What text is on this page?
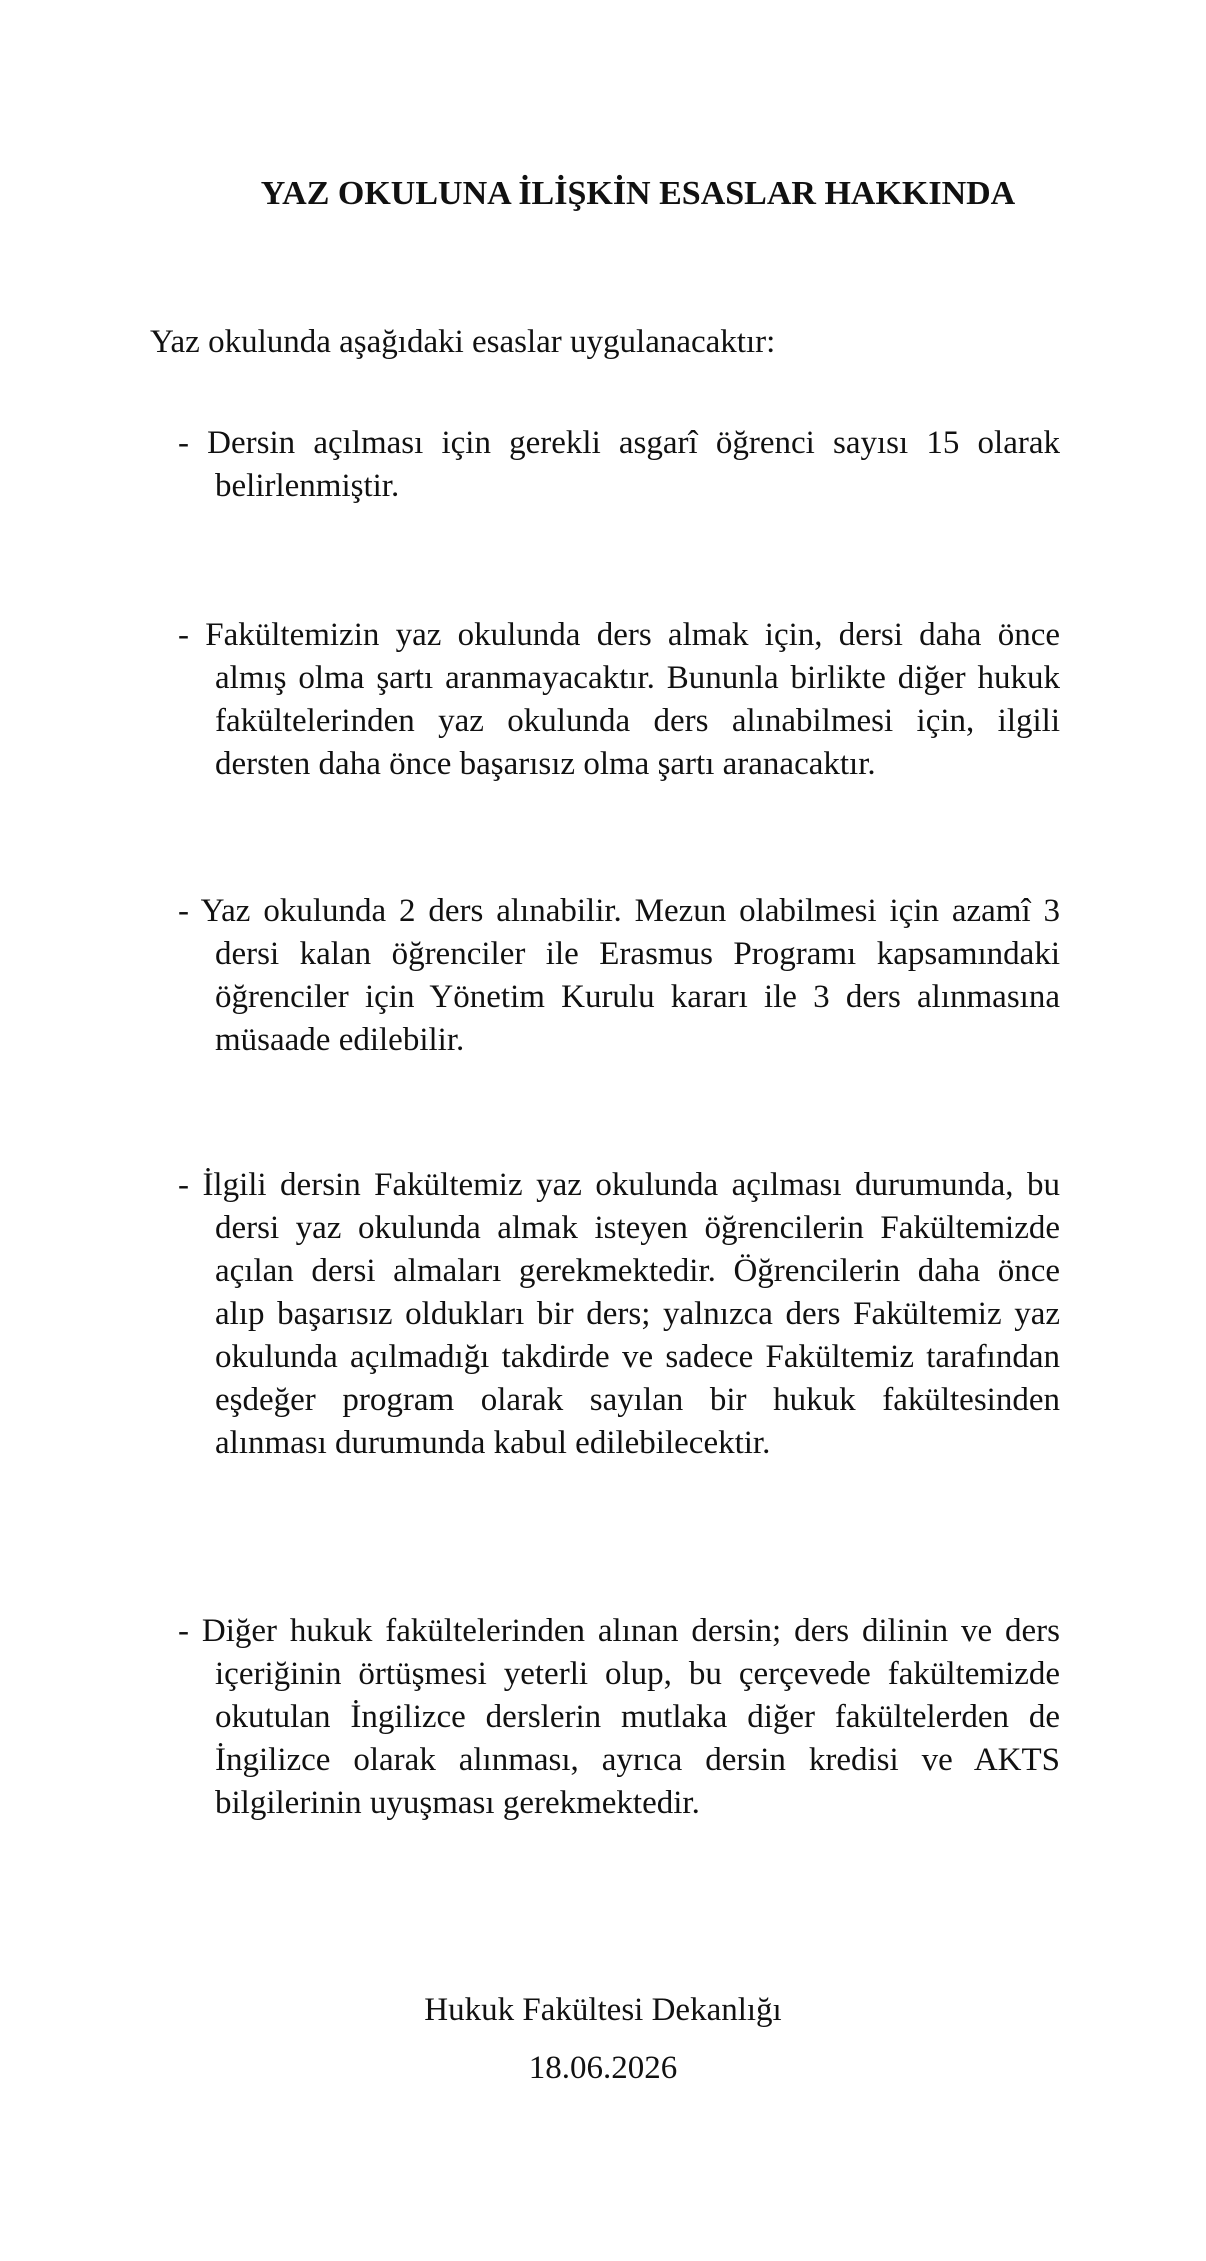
YAZ OKULUNA İLİŞKİN ESASLAR HAKKINDA

Yaz okulunda aşağıdaki esaslar uygulanacaktır:

- Dersin açılması için gerekli asgarî öğrenci sayısı 15 olarak belirlenmiştir.

- Fakültemizin yaz okulunda ders almak için, dersi daha önce almış olma şartı aranmayacaktır. Bununla birlikte diğer hukuk fakültelerinden yaz okulunda ders alınabilmesi için, ilgili dersten daha önce başarısız olma şartı aranacaktır.

- Yaz okulunda 2 ders alınabilir. Mezun olabilmesi için azamî 3 dersi kalan öğrenciler ile Erasmus Programı kapsamındaki öğrenciler için Yönetim Kurulu kararı ile 3 ders alınmasına müsaade edilebilir.

- İlgili dersin Fakültemiz yaz okulunda açılması durumunda, bu dersi yaz okulunda almak isteyen öğrencilerin Fakültemizde açılan dersi almaları gerekmektedir. Öğrencilerin daha önce alıp başarısız oldukları bir ders; yalnızca ders Fakültemiz yaz okulunda açılmadığı takdirde ve sadece Fakültemiz tarafından eşdeğer program olarak sayılan bir hukuk fakültesinden alınması durumunda kabul edilebilecektir.

- Diğer hukuk fakültelerinden alınan dersin; ders dilinin ve ders içeriğinin örtüşmesi yeterli olup, bu çerçevede fakültemizde okutulan İngilizce derslerin mutlaka diğer fakültelerden de İngilizce olarak alınması, ayrıca dersin kredisi ve AKTS bilgilerinin uyuşması gerekmektedir.

Hukuk Fakültesi Dekanlığı

18.06.2026
